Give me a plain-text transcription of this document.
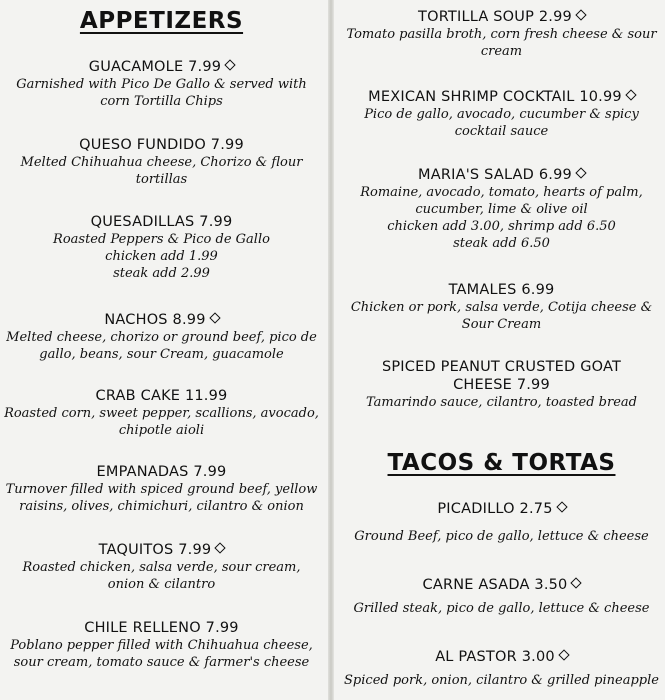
APPETIZERS
GUACAMOLE 7.99
Garnished with Pico De Gallo & served with corn Tortilla Chips
QUESO FUNDIDO 7.99
Melted Chihuahua cheese, Chorizo & flour tortillas
QUESADILLAS 7.99
Roasted Peppers & Pico de Gallo
chicken add 1.99
steak add 2.99
NACHOS 8.99
Melted cheese, chorizo or ground beef, pico de gallo, beans, sour Cream, guacamole
CRAB CAKE 11.99
Roasted corn, sweet pepper, scallions, avocado, chipotle aioli
EMPANADAS 7.99
Turnover filled with spiced ground beef, yellow raisins, olives, chimichuri, cilantro & onion
TAQUITOS 7.99
Roasted chicken, salsa verde, sour cream, onion & cilantro
CHILE RELLENO 7.99
Poblano pepper filled with Chihuahua cheese, sour cream, tomato sauce & farmer's cheese
TORTILLA SOUP 2.99
Tomato pasilla broth, corn fresh cheese & sour cream
MEXICAN SHRIMP COCKTAIL 10.99
Pico de gallo, avocado, cucumber & spicy cocktail sauce
MARIA'S SALAD 6.99
Romaine, avocado, tomato, hearts of palm, cucumber, lime & olive oil
chicken add 3.00, shrimp add 6.50
steak add 6.50
TAMALES 6.99
Chicken or pork, salsa verde, Cotija cheese & Sour Cream
SPICED PEANUT CRUSTED GOAT CHEESE 7.99
Tamarindo sauce, cilantro, toasted bread
TACOS & TORTAS
PICADILLO 2.75
Ground Beef, pico de gallo, lettuce & cheese
CARNE ASADA 3.50
Grilled steak, pico de gallo, lettuce & cheese
AL PASTOR 3.00
Spiced pork, onion, cilantro & grilled pineapple
